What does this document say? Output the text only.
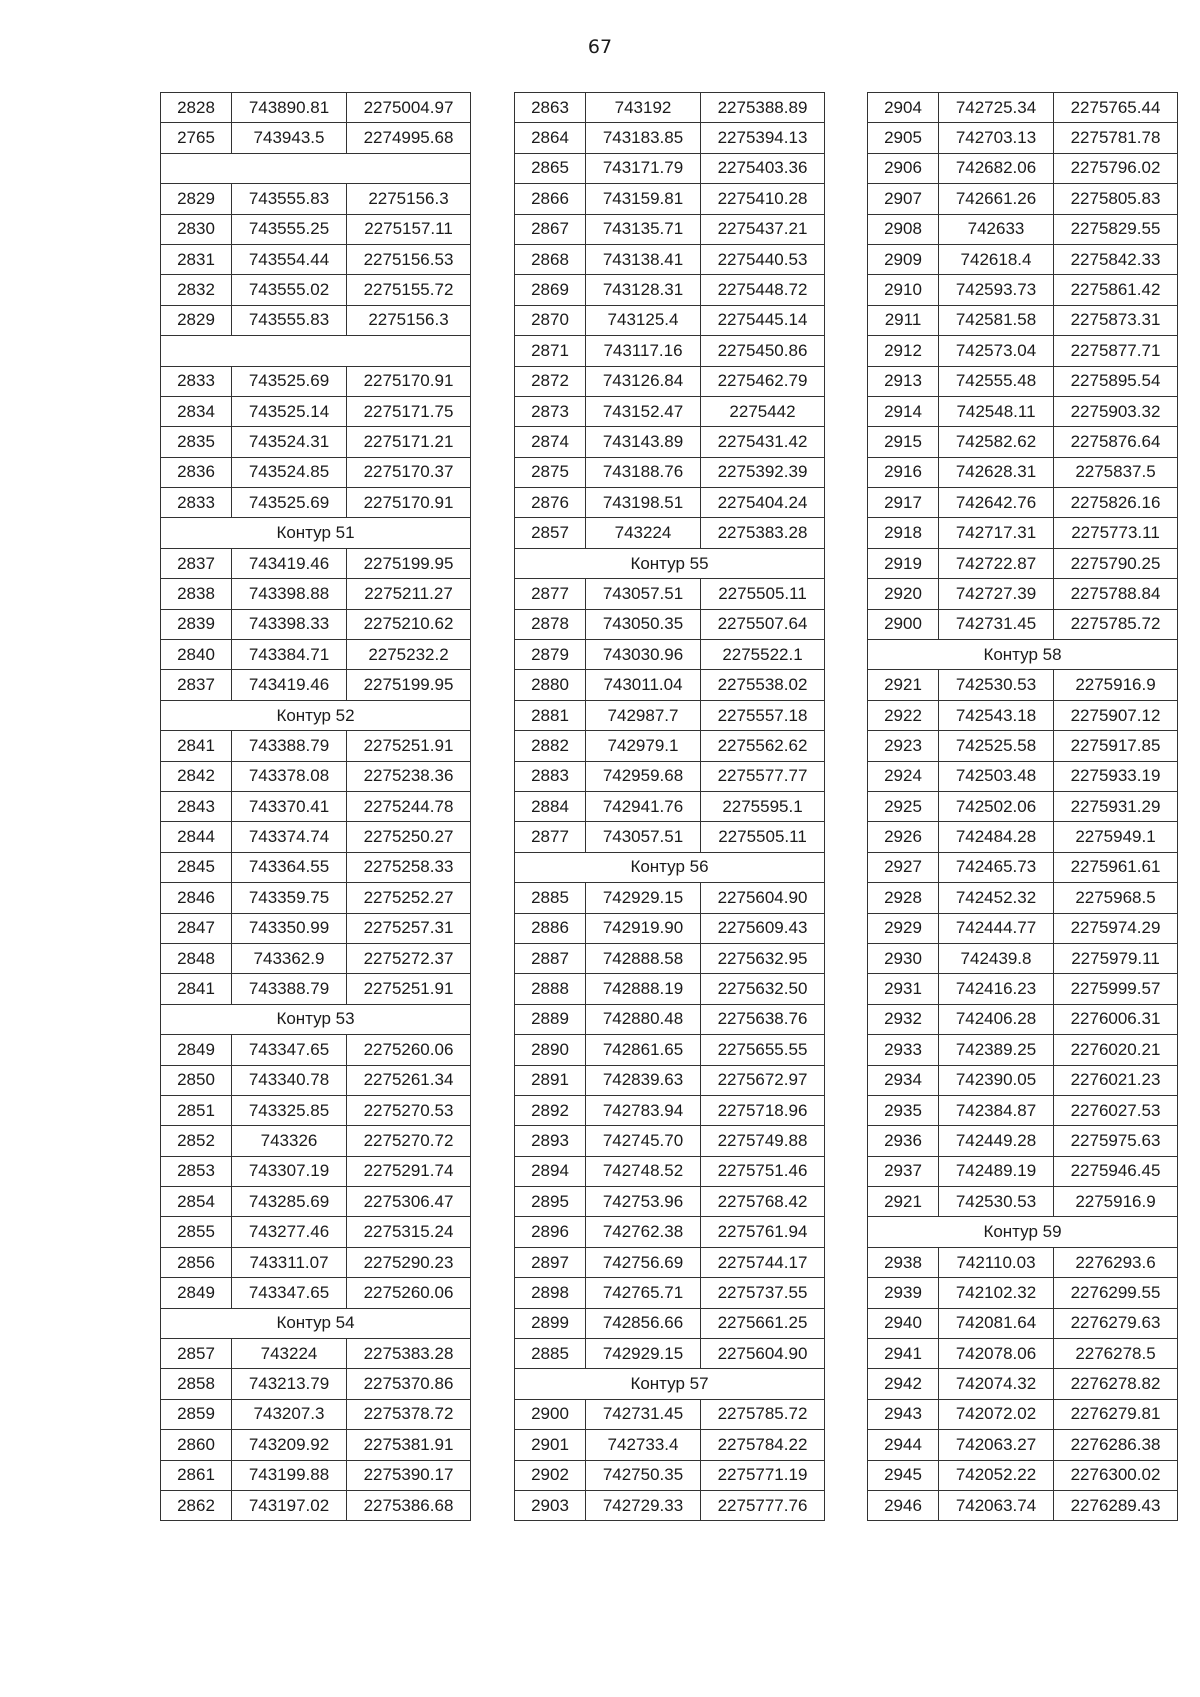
67
2828	743890.81	2275004.97
2765	743943.5	2274995.68

2829	743555.83	2275156.3
2830	743555.25	2275157.11
2831	743554.44	2275156.53
2832	743555.02	2275155.72
2829	743555.83	2275156.3

2833	743525.69	2275170.91
2834	743525.14	2275171.75
2835	743524.31	2275171.21
2836	743524.85	2275170.37
2833	743525.69	2275170.91
Контур 51		
2837	743419.46	2275199.95
2838	743398.88	2275211.27
2839	743398.33	2275210.62
2840	743384.71	2275232.2
2837	743419.46	2275199.95
Контур 52		
2841	743388.79	2275251.91
2842	743378.08	2275238.36
2843	743370.41	2275244.78
2844	743374.74	2275250.27
2845	743364.55	2275258.33
2846	743359.75	2275252.27
2847	743350.99	2275257.31
2848	743362.9	2275272.37
2841	743388.79	2275251.91
Контур 53		
2849	743347.65	2275260.06
2850	743340.78	2275261.34
2851	743325.85	2275270.53
2852	743326	2275270.72
2853	743307.19	2275291.74
2854	743285.69	2275306.47
2855	743277.46	2275315.24
2856	743311.07	2275290.23
2849	743347.65	2275260.06
Контур 54		
2857	743224	2275383.28
2858	743213.79	2275370.86
2859	743207.3	2275378.72
2860	743209.92	2275381.91
2861	743199.88	2275390.17
2862	743197.02	2275386.68
2863	743192	2275388.89
2864	743183.85	2275394.13
2865	743171.79	2275403.36
2866	743159.81	2275410.28
2867	743135.71	2275437.21
2868	743138.41	2275440.53
2869	743128.31	2275448.72
2870	743125.4	2275445.14
2871	743117.16	2275450.86
2872	743126.84	2275462.79
2873	743152.47	2275442
2874	743143.89	2275431.42
2875	743188.76	2275392.39
2876	743198.51	2275404.24
2857	743224	2275383.28
Контур 55		
2877	743057.51	2275505.11
2878	743050.35	2275507.64
2879	743030.96	2275522.1
2880	743011.04	2275538.02
2881	742987.7	2275557.18
2882	742979.1	2275562.62
2883	742959.68	2275577.77
2884	742941.76	2275595.1
2877	743057.51	2275505.11
Контур 56		
2885	742929.15	2275604.90
2886	742919.90	2275609.43
2887	742888.58	2275632.95
2888	742888.19	2275632.50
2889	742880.48	2275638.76
2890	742861.65	2275655.55
2891	742839.63	2275672.97
2892	742783.94	2275718.96
2893	742745.70	2275749.88
2894	742748.52	2275751.46
2895	742753.96	2275768.42
2896	742762.38	2275761.94
2897	742756.69	2275744.17
2898	742765.71	2275737.55
2899	742856.66	2275661.25
2885	742929.15	2275604.90
Контур 57		
2900	742731.45	2275785.72
2901	742733.4	2275784.22
2902	742750.35	2275771.19
2903	742729.33	2275777.76
2904	742725.34	2275765.44
2905	742703.13	2275781.78
2906	742682.06	2275796.02
2907	742661.26	2275805.83
2908	742633	2275829.55
2909	742618.4	2275842.33
2910	742593.73	2275861.42
2911	742581.58	2275873.31
2912	742573.04	2275877.71
2913	742555.48	2275895.54
2914	742548.11	2275903.32
2915	742582.62	2275876.64
2916	742628.31	2275837.5
2917	742642.76	2275826.16
2918	742717.31	2275773.11
2919	742722.87	2275790.25
2920	742727.39	2275788.84
2900	742731.45	2275785.72
Контур 58		
2921	742530.53	2275916.9
2922	742543.18	2275907.12
2923	742525.58	2275917.85
2924	742503.48	2275933.19
2925	742502.06	2275931.29
2926	742484.28	2275949.1
2927	742465.73	2275961.61
2928	742452.32	2275968.5
2929	742444.77	2275974.29
2930	742439.8	2275979.11
2931	742416.23	2275999.57
2932	742406.28	2276006.31
2933	742389.25	2276020.21
2934	742390.05	2276021.23
2935	742384.87	2276027.53
2936	742449.28	2275975.63
2937	742489.19	2275946.45
2921	742530.53	2275916.9
Контур 59		
2938	742110.03	2276293.6
2939	742102.32	2276299.55
2940	742081.64	2276279.63
2941	742078.06	2276278.5
2942	742074.32	2276278.82
2943	742072.02	2276279.81
2944	742063.27	2276286.38
2945	742052.22	2276300.02
2946	742063.74	2276289.43
